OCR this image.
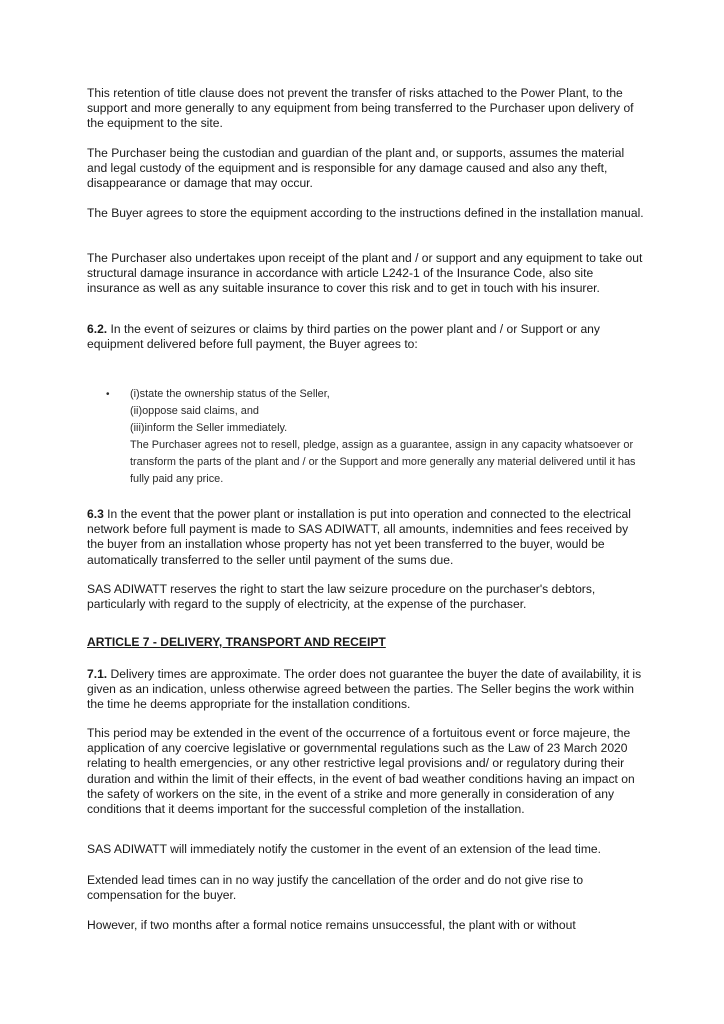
This retention of title clause does not prevent the transfer of risks attached to the Power Plant, to the support and more generally to any equipment from being transferred to the Purchaser upon delivery of the equipment to the site.

The Purchaser being the custodian and guardian of the plant and, or supports, assumes the material and legal custody of the equipment and is responsible for any damage caused and also any theft, disappearance or damage that may occur.

The Buyer agrees to store the equipment according to the instructions defined in the installation manual.

The Purchaser also undertakes upon receipt of the plant and / or support and any equipment to take out structural damage insurance in accordance with article L242-1 of the Insurance Code, also site insurance as well as any suitable insurance to cover this risk and to get in touch with his insurer.

6.2. In the event of seizures or claims by third parties on the power plant and / or Support or any equipment delivered before full payment, the Buyer agrees to:

•	(i)state the ownership status of the Seller,
(ii)oppose said claims, and
(iii)inform the Seller immediately.
The Purchaser agrees not to resell, pledge, assign as a guarantee, assign in any capacity whatsoever or transform the parts of the plant and / or the Support and more generally any material delivered until it has fully paid any price.

6.3 In the event that the power plant or installation is put into operation and connected to the electrical network before full payment is made to SAS ADIWATT, all amounts, indemnities and fees received by the buyer from an installation whose property has not yet been transferred to the buyer, would be automatically transferred to the seller until payment of the sums due.

SAS ADIWATT reserves the right to start the law seizure procedure on the purchaser's debtors, particularly with regard to the supply of electricity, at the expense of the purchaser.

ARTICLE 7 - DELIVERY, TRANSPORT AND RECEIPT

7.1. Delivery times are approximate. The order does not guarantee the buyer the date of availability, it is given as an indication, unless otherwise agreed between the parties. The Seller begins the work within the time he deems appropriate for the installation conditions.

This period may be extended in the event of the occurrence of a fortuitous event or force majeure, the application of any coercive legislative or governmental regulations such as the Law of 23 March 2020 relating to health emergencies, or any other restrictive legal provisions and/ or regulatory during their duration and within the limit of their effects, in the event of bad weather conditions having an impact on the safety of workers on the site, in the event of a strike and more generally in consideration of any conditions that it deems important for the successful completion of the installation.

SAS ADIWATT will immediately notify the customer in the event of an extension of the lead time.

Extended lead times can in no way justify the cancellation of the order and do not give rise to compensation for the buyer.

However, if two months after a formal notice remains unsuccessful, the plant with or without
